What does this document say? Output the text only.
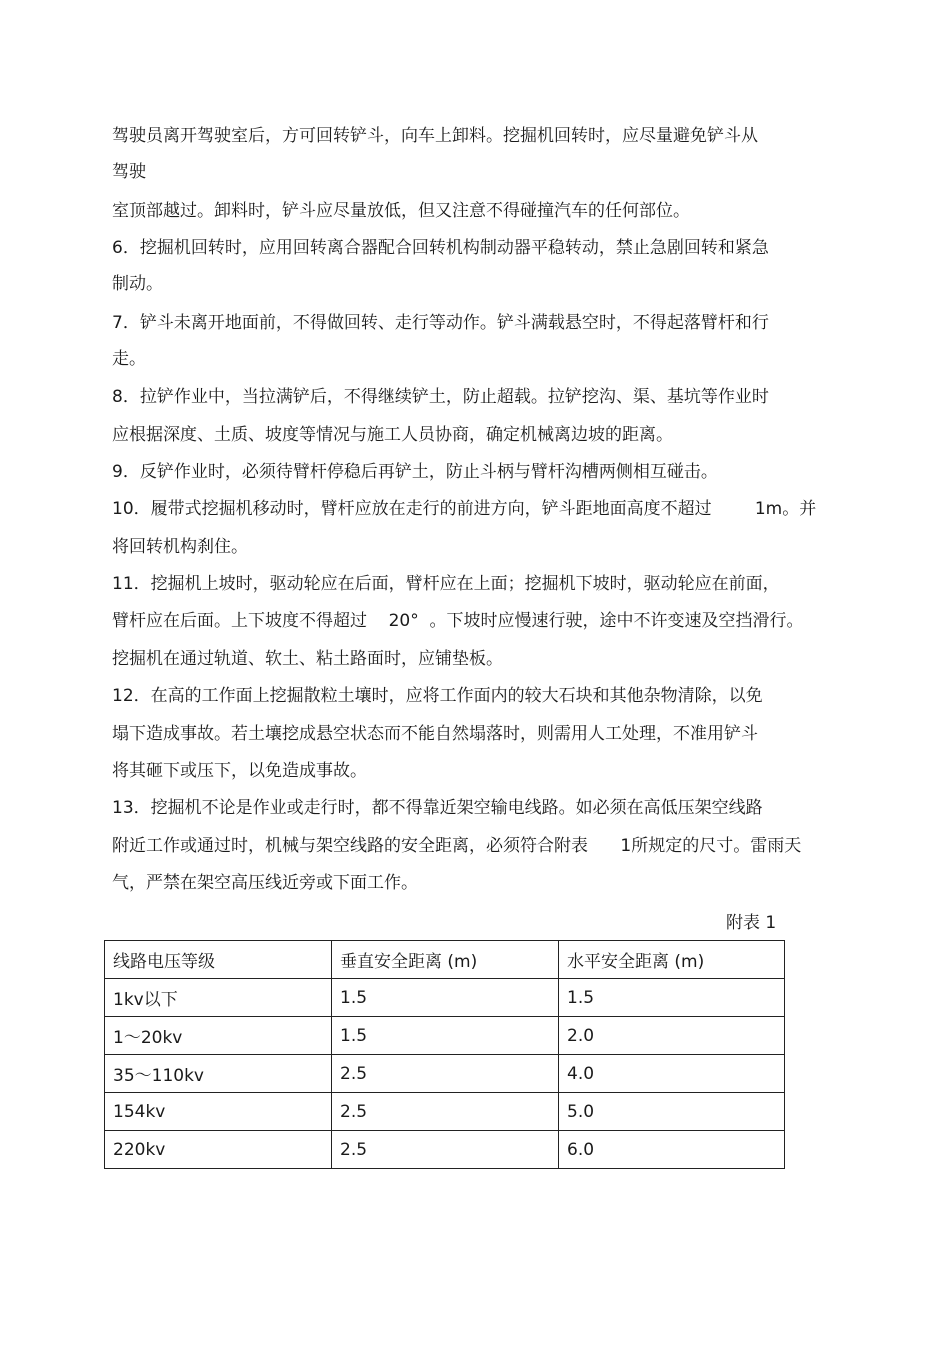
驾驶员离开驾驶室后，方可回转铲斗，向车上卸料。挖掘机回转时，应尽量避免铲斗从

驾驶

室顶部越过。卸料时，铲斗应尽量放低，但又注意不得碰撞汽车的任何部位。

6．挖掘机回转时，应用回转离合器配合回转机构制动器平稳转动，禁止急剧回转和紧急

制动。

7．铲斗未离开地面前，不得做回转、走行等动作。铲斗满载悬空时，不得起落臂杆和行

走。

8．拉铲作业中，当拉满铲后，不得继续铲土，防止超载。拉铲挖沟、渠、基坑等作业时

应根据深度、土质、坡度等情况与施工人员协商，确定机械离边坡的距离。

9．反铲作业时，必须待臂杆停稳后再铲土，防止斗柄与臂杆沟槽两侧相互碰击。

10．履带式挖掘机移动时，臂杆应放在走行的前进方向，铲斗距地面高度不超过        1m。并

将回转机构刹住。

11．挖掘机上坡时，驱动轮应在后面，臂杆应在上面；挖掘机下坡时，驱动轮应在前面，

臂杆应在后面。上下坡度不得超过    20°  。下坡时应慢速行驶，途中不许变速及空挡滑行。

挖掘机在通过轨道、软土、粘土路面时，应铺垫板。

12．在高的工作面上挖掘散粒土壤时，应将工作面内的较大石块和其他杂物清除，以免

塌下造成事故。若土壤挖成悬空状态而不能自然塌落时，则需用人工处理，不准用铲斗

将其砸下或压下，以免造成事故。

13．挖掘机不论是作业或走行时，都不得靠近架空输电线路。如必须在高低压架空线路

附近工作或通过时，机械与架空线路的安全距离，必须符合附表      1所规定的尺寸。雷雨天

气，严禁在架空高压线近旁或下面工作。

附表 1
线路电压等级	垂直安全距离 (m)	水平安全距离 (m)
1kv以下	1.5	1.5
1～20kv	1.5	2.0
35～110kv	2.5	4.0
154kv	2.5	5.0
220kv	2.5	6.0
